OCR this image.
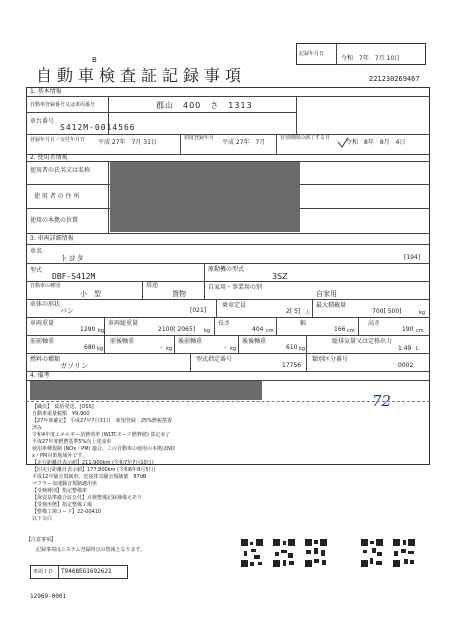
B
自動車検査証記録事項
記録年月日
令和　7年　7月 10日
221230269467
1. 基本情報
自動車登録番号又は車両番号	郡山　400　さ　1313
車台番号
S412M-0014566
登録年月日／交付年月日 平成 27年　7月 31日
初度登録年月
平成 27年　7月
有効期間の満了する日
令和　8年　8月　4日
2. 使用者情報
使用者の氏名又は名称
使 用 者 の 住 所
使用の本拠の位置
3. 車両詳細情報
車名
トヨタ	[194]
型式
DBF-S412M
原動機の型式
3SZ
自動車の種別
小　型
用途
貨物
自家用・事業用の別
自家用
車体の形状
バン	[021]
乗車定員
2[ 5] 人
最大積載量
700[ 500]	kg
車両重量
1290 kg
車両総重量
2100[ 2065] kg
長さ
404 cm
幅
166 cm
高さ
190 cm
前前軸重
680 kg
前後軸重
- kg
後前軸重
- kg
後後軸重
610 kg
総排気量又は定格出力
1.49 L
燃料の種類
ガソリン
型式指定番号
17756
類別区分番号
0002
4. 備考
72
【職員】　総括発送。[OSS]
自動車重量税額　¥9,900
【27年度確定】 平成27年7月31日　新規登録　25%燃税措置
済み
令和4年度エネルギー消費効率 (WLTCモード燃費値) 算定未了
平成27年度燃費基準5%向上達成車
使用車種規制 (NOx・PM) 適合。この自動車の使用の本拠はNO
x・PM対策地域外です。
【走行距離計表示値】211,900km (令和7年7月10日)
【旧走行距離計表示値】177,800km (令和6年8月5日)
平成12年騒音規制車。近接排気騒音規制値　87dB
マフラー加速騒音規制適用車
【受検種別】指定整備車
【保安基準適合証交付】点検整備記録簿備えあり
【受検形態】指定整備工場
【整備工場コード】22-00410
以下余白
【注意事項】
記録事項はシステム登録時点の情報となります。
車両ＩＤ T9468EG1692622
12969-0001
